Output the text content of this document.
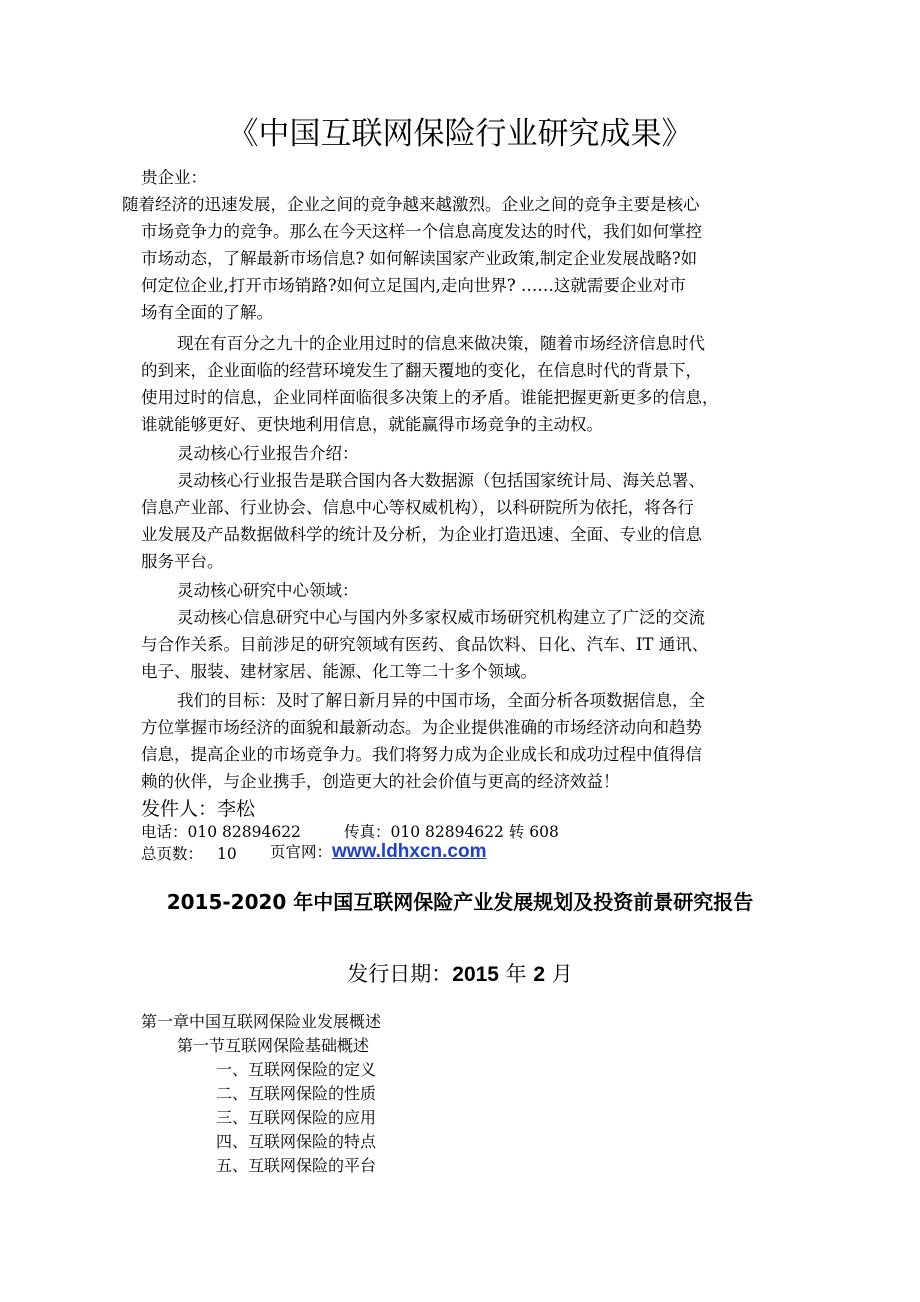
《中国互联网保险行业研究成果》
贵企业：
随着经济的迅速发展，企业之间的竞争越来越激烈。企业之间的竞争主要是核心
市场竞争力的竞争。那么在今天这样一个信息高度发达的时代，我们如何掌控
市场动态，了解最新市场信息? 如何解读国家产业政策,制定企业发展战略?如
何定位企业,打开市场销路?如何立足国内,走向世界? ……这就需要企业对市
场有全面的了解。
现在有百分之九十的企业用过时的信息来做决策，随着市场经济信息时代
的到来，企业面临的经营环境发生了翻天覆地的变化，在信息时代的背景下，
使用过时的信息，企业同样面临很多决策上的矛盾。谁能把握更新更多的信息，
谁就能够更好、更快地利用信息，就能赢得市场竞争的主动权。
灵动核心行业报告介绍：
灵动核心行业报告是联合国内各大数据源（包括国家统计局、海关总署、
信息产业部、行业协会、信息中心等权威机构），以科研院所为依托，将各行
业发展及产品数据做科学的统计及分析，为企业打造迅速、全面、专业的信息
服务平台。
灵动核心研究中心领域：
灵动核心信息研究中心与国内外多家权威市场研究机构建立了广泛的交流
与合作关系。目前涉足的研究领域有医药、食品饮料、日化、汽车、IT 通讯、
电子、服装、建材家居、能源、化工等二十多个领域。
我们的目标：及时了解日新月异的中国市场，全面分析各项数据信息，全
方位掌握市场经济的面貌和最新动态。为企业提供准确的市场经济动向和趋势
信息，提高企业的市场竞争力。我们将努力成为企业成长和成功过程中值得信
赖的伙伴，与企业携手，创造更大的社会价值与更高的经济效益！
发件人：李松
电话：010 82894622	传真：010 82894622 转 608
总页数： 10 页官网：www.ldhxcn.com
2015-2020 年中国互联网保险产业发展规划及投资前景研究报告
发行日期：2015 年 2 月
第一章中国互联网保险业发展概述
第一节互联网保险基础概述
一、互联网保险的定义
二、互联网保险的性质
三、互联网保险的应用
四、互联网保险的特点
五、互联网保险的平台
